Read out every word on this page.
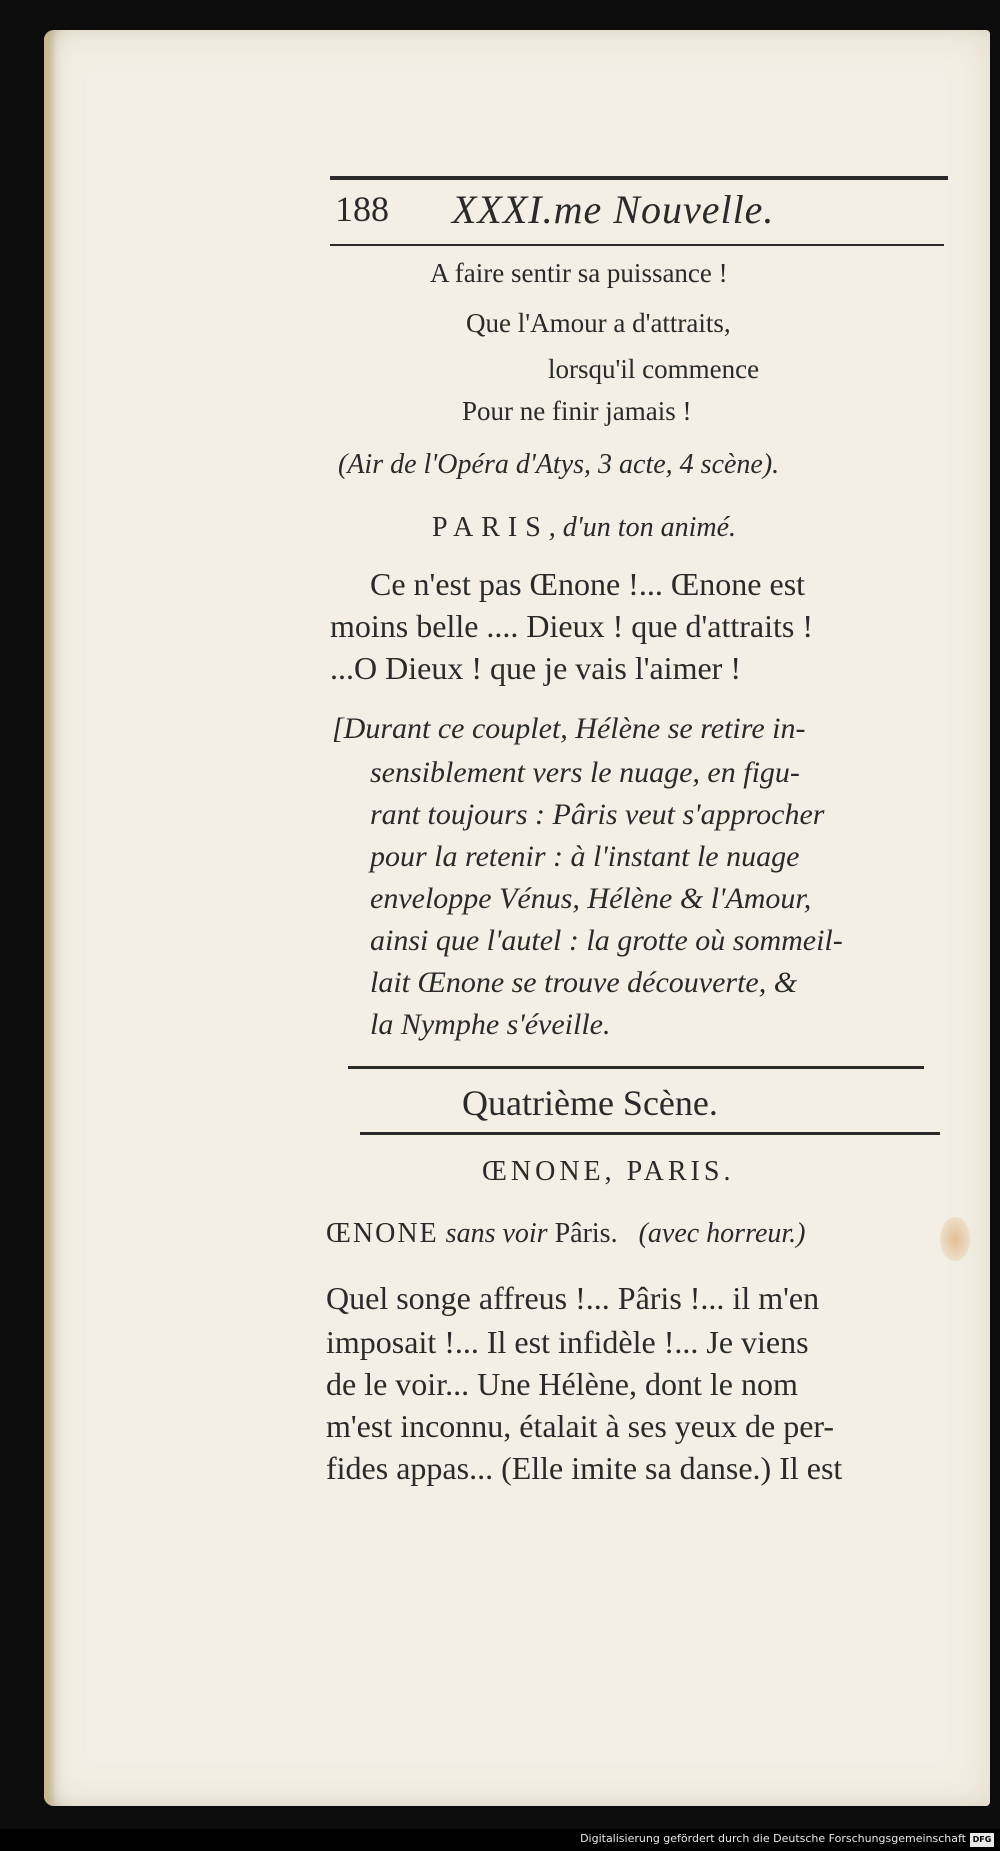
188 XXXI.me Nouvelle.
A faire sentir sa puissance !
Que l'Amour a d'attraits,
lorsqu'il commence
Pour ne finir jamais !
(Air de l'Opéra d'Atys, 3 acte, 4 scène).
PARIS, d'un ton animé.
Ce n'est pas Œnone !... Œnone est
moins belle .... Dieux ! que d'attraits !
...O Dieux ! que je vais l'aimer !
[Durant ce couplet, Hélène se retire in-
sensiblement vers le nuage, en figu-
rant toujours : Pâris veut s'approcher
pour la retenir : à l'instant le nuage
enveloppe Vénus, Hélène & l'Amour,
ainsi que l'autel : la grotte où sommeil-
lait Œnone se trouve découverte, &
la Nymphe s'éveille.
Quatrième Scène.
ŒNONE, PARIS.
ŒNONE sans voir Pâris. (avec horreur.)
Quel songe affreus !... Pâris !... il m'en
imposait !... Il est infidèle !... Je viens
de le voir... Une Hélène, dont le nom
m'est inconnu, étalait à ses yeux de per-
fides appas... (Elle imite sa danse.) Il est
Digitalisierung gefördert durch die Deutsche Forschungsgemeinschaft DFG
